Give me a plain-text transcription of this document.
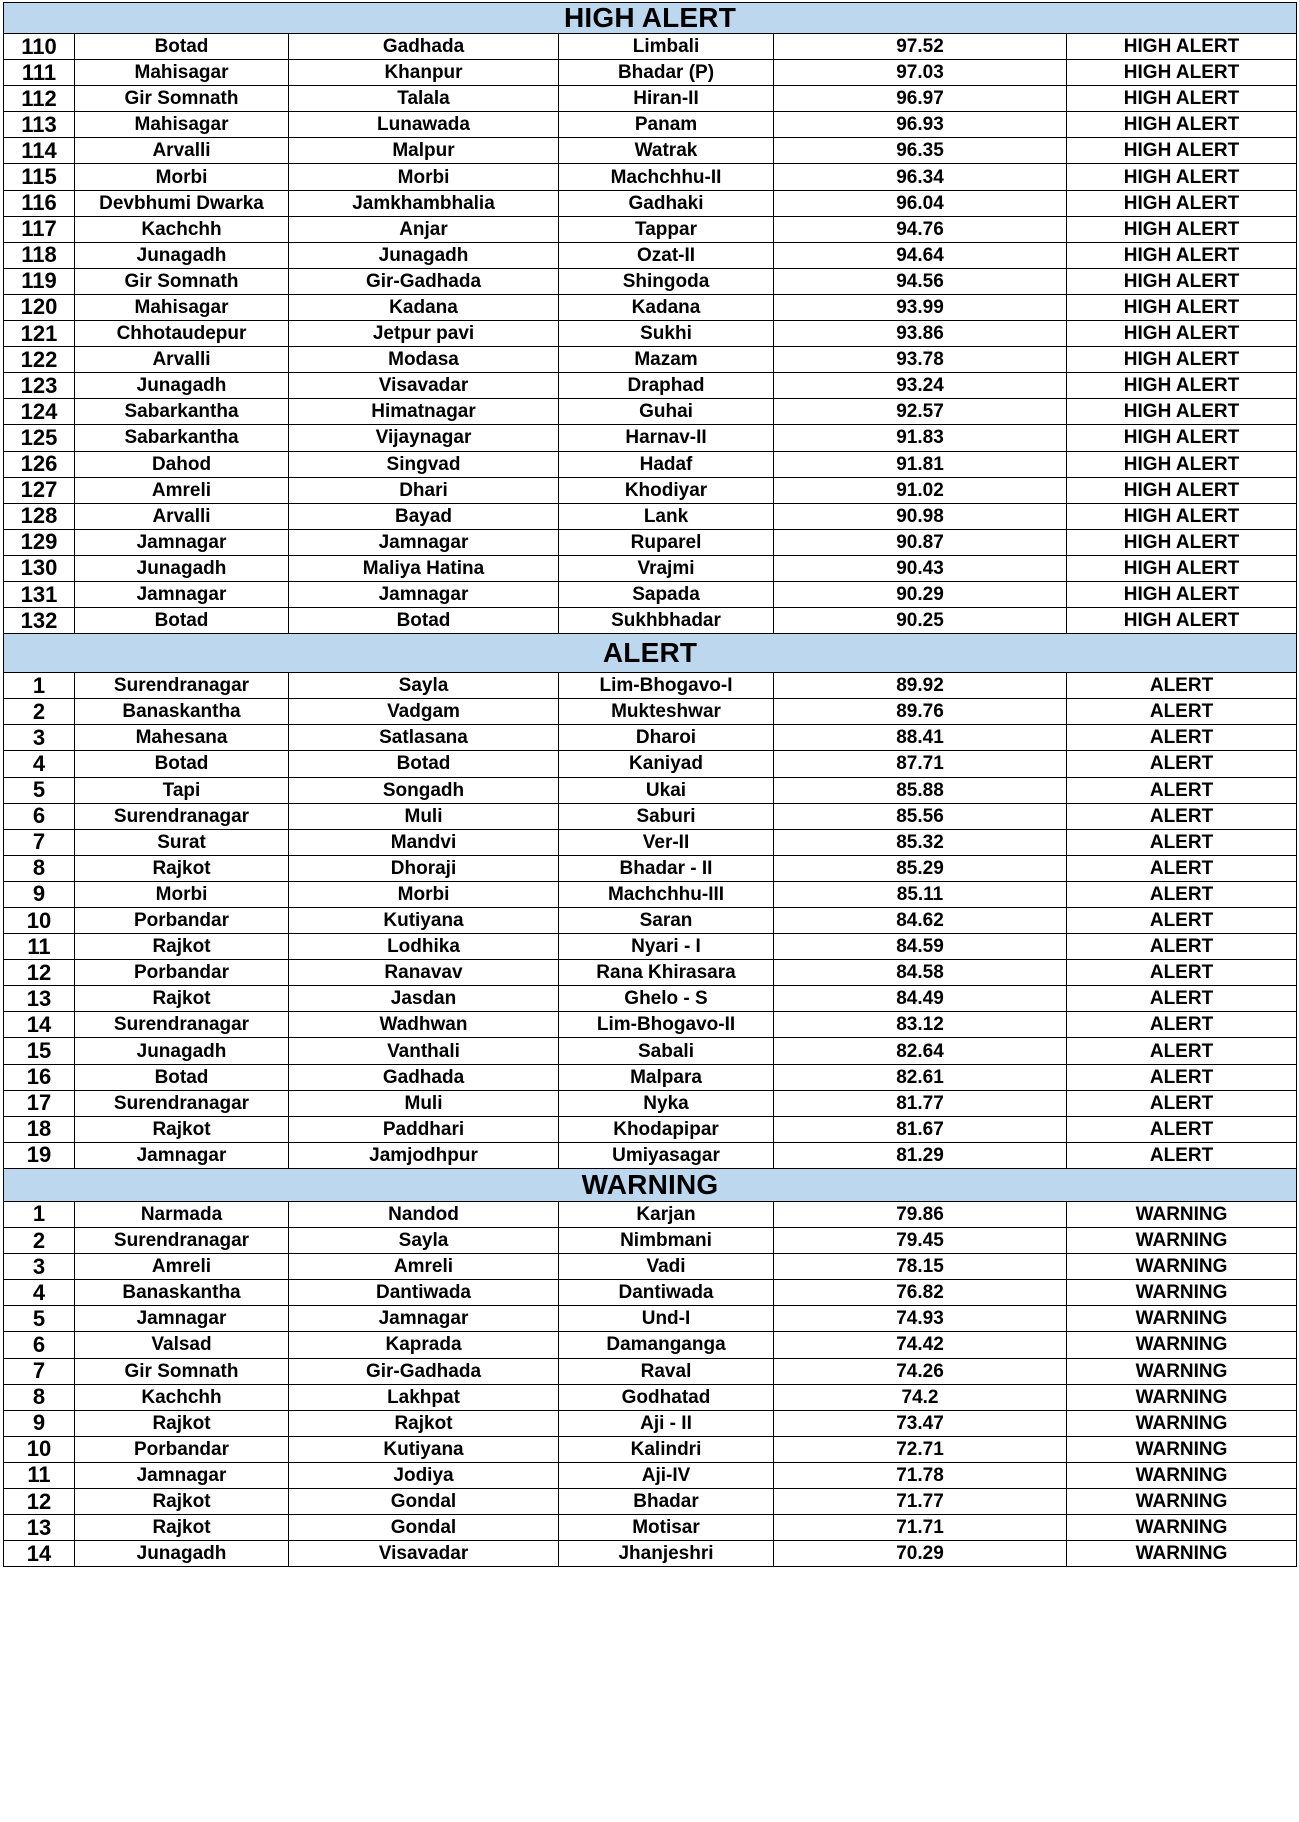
HIGH ALERT					
110	Botad	Gadhada	Limbali	97.52	HIGH ALERT
111	Mahisagar	Khanpur	Bhadar (P)	97.03	HIGH ALERT
112	Gir Somnath	Talala	Hiran-II	96.97	HIGH ALERT
113	Mahisagar	Lunawada	Panam	96.93	HIGH ALERT
114	Arvalli	Malpur	Watrak	96.35	HIGH ALERT
115	Morbi	Morbi	Machchhu-II	96.34	HIGH ALERT
116	Devbhumi Dwarka	Jamkhambhalia	Gadhaki	96.04	HIGH ALERT
117	Kachchh	Anjar	Tappar	94.76	HIGH ALERT
118	Junagadh	Junagadh	Ozat-II	94.64	HIGH ALERT
119	Gir Somnath	Gir-Gadhada	Shingoda	94.56	HIGH ALERT
120	Mahisagar	Kadana	Kadana	93.99	HIGH ALERT
121	Chhotaudepur	Jetpur pavi	Sukhi	93.86	HIGH ALERT
122	Arvalli	Modasa	Mazam	93.78	HIGH ALERT
123	Junagadh	Visavadar	Draphad	93.24	HIGH ALERT
124	Sabarkantha	Himatnagar	Guhai	92.57	HIGH ALERT
125	Sabarkantha	Vijaynagar	Harnav-II	91.83	HIGH ALERT
126	Dahod	Singvad	Hadaf	91.81	HIGH ALERT
127	Amreli	Dhari	Khodiyar	91.02	HIGH ALERT
128	Arvalli	Bayad	Lank	90.98	HIGH ALERT
129	Jamnagar	Jamnagar	Ruparel	90.87	HIGH ALERT
130	Junagadh	Maliya Hatina	Vrajmi	90.43	HIGH ALERT
131	Jamnagar	Jamnagar	Sapada	90.29	HIGH ALERT
132	Botad	Botad	Sukhbhadar	90.25	HIGH ALERT
ALERT					
1	Surendranagar	Sayla	Lim-Bhogavo-I	89.92	ALERT
2	Banaskantha	Vadgam	Mukteshwar	89.76	ALERT
3	Mahesana	Satlasana	Dharoi	88.41	ALERT
4	Botad	Botad	Kaniyad	87.71	ALERT
5	Tapi	Songadh	Ukai	85.88	ALERT
6	Surendranagar	Muli	Saburi	85.56	ALERT
7	Surat	Mandvi	Ver-II	85.32	ALERT
8	Rajkot	Dhoraji	Bhadar - II	85.29	ALERT
9	Morbi	Morbi	Machchhu-III	85.11	ALERT
10	Porbandar	Kutiyana	Saran	84.62	ALERT
11	Rajkot	Lodhika	Nyari - I	84.59	ALERT
12	Porbandar	Ranavav	Rana Khirasara	84.58	ALERT
13	Rajkot	Jasdan	Ghelo - S	84.49	ALERT
14	Surendranagar	Wadhwan	Lim-Bhogavo-II	83.12	ALERT
15	Junagadh	Vanthali	Sabali	82.64	ALERT
16	Botad	Gadhada	Malpara	82.61	ALERT
17	Surendranagar	Muli	Nyka	81.77	ALERT
18	Rajkot	Paddhari	Khodapipar	81.67	ALERT
19	Jamnagar	Jamjodhpur	Umiyasagar	81.29	ALERT
WARNING					
1	Narmada	Nandod	Karjan	79.86	WARNING
2	Surendranagar	Sayla	Nimbmani	79.45	WARNING
3	Amreli	Amreli	Vadi	78.15	WARNING
4	Banaskantha	Dantiwada	Dantiwada	76.82	WARNING
5	Jamnagar	Jamnagar	Und-I	74.93	WARNING
6	Valsad	Kaprada	Damanganga	74.42	WARNING
7	Gir Somnath	Gir-Gadhada	Raval	74.26	WARNING
8	Kachchh	Lakhpat	Godhatad	74.2	WARNING
9	Rajkot	Rajkot	Aji - II	73.47	WARNING
10	Porbandar	Kutiyana	Kalindri	72.71	WARNING
11	Jamnagar	Jodiya	Aji-IV	71.78	WARNING
12	Rajkot	Gondal	Bhadar	71.77	WARNING
13	Rajkot	Gondal	Motisar	71.71	WARNING
14	Junagadh	Visavadar	Jhanjeshri	70.29	WARNING
